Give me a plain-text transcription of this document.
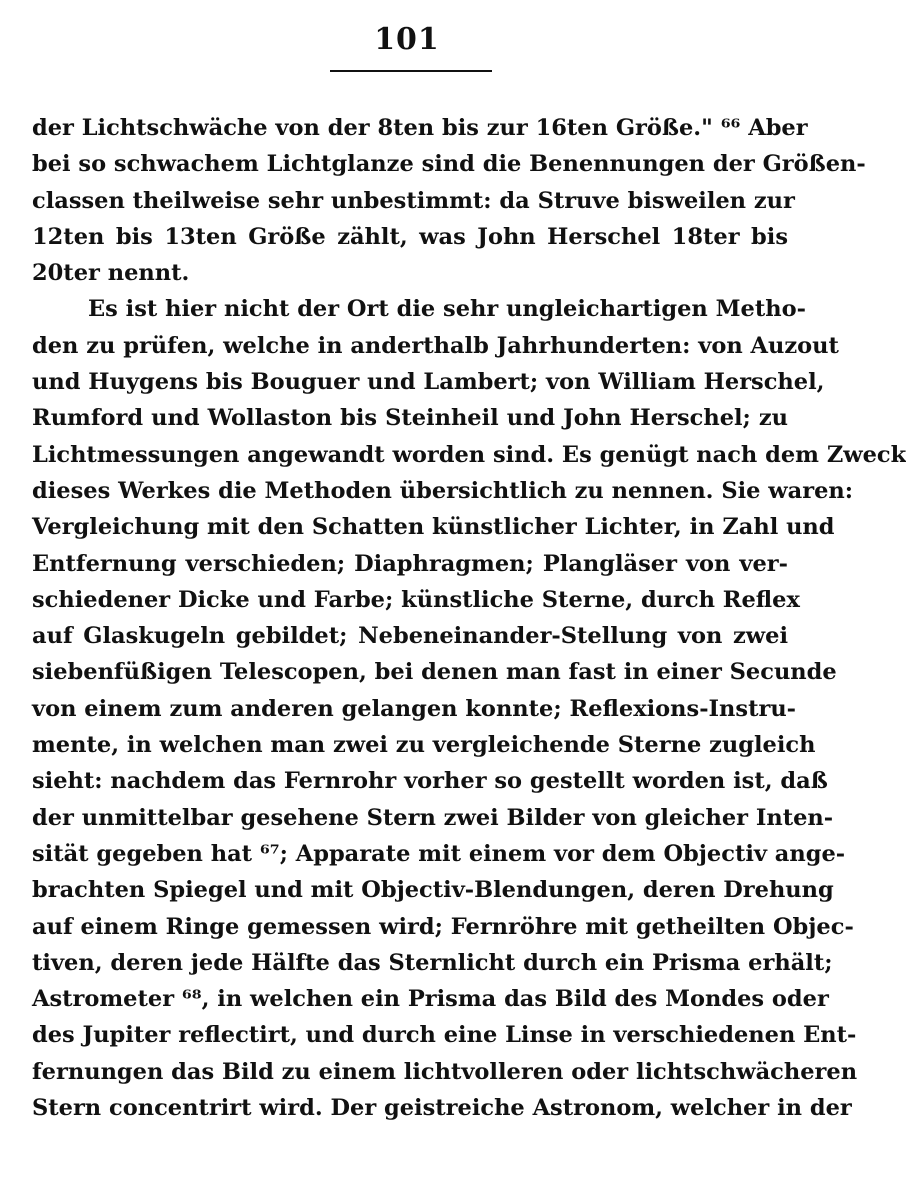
101
der Lichtschwäche von der 8ten bis zur 16ten Größe." ⁶⁶ Aber
bei so schwachem Lichtglanze sind die Benennungen der Größen-
classen theilweise sehr unbestimmt: da Struve bisweilen zur
12ten bis 13ten Größe zählt, was John Herschel 18ter bis
20ter nennt.
Es ist hier nicht der Ort die sehr ungleichartigen Metho-
den zu prüfen, welche in anderthalb Jahrhunderten: von Auzout
und Huygens bis Bouguer und Lambert; von William Herschel,
Rumford und Wollaston bis Steinheil und John Herschel; zu
Lichtmessungen angewandt worden sind. Es genügt nach dem Zweck
dieses Werkes die Methoden übersichtlich zu nennen. Sie waren:
Vergleichung mit den Schatten künstlicher Lichter, in Zahl und
Entfernung verschieden; Diaphragmen; Plangläser von ver-
schiedener Dicke und Farbe; künstliche Sterne, durch Reflex
auf Glaskugeln gebildet; Nebeneinander-Stellung von zwei
siebenfüßigen Telescopen, bei denen man fast in einer Secunde
von einem zum anderen gelangen konnte; Reflexions-Instru-
mente, in welchen man zwei zu vergleichende Sterne zugleich
sieht: nachdem das Fernrohr vorher so gestellt worden ist, daß
der unmittelbar gesehene Stern zwei Bilder von gleicher Inten-
sität gegeben hat ⁶⁷; Apparate mit einem vor dem Objectiv ange-
brachten Spiegel und mit Objectiv-Blendungen, deren Drehung
auf einem Ringe gemessen wird; Fernröhre mit getheilten Objec-
tiven, deren jede Hälfte das Sternlicht durch ein Prisma erhält;
Astrometer ⁶⁸, in welchen ein Prisma das Bild des Mondes oder
des Jupiter reflectirt, und durch eine Linse in verschiedenen Ent-
fernungen das Bild zu einem lichtvolleren oder lichtschwächeren
Stern concentrirt wird. Der geistreiche Astronom, welcher in der
